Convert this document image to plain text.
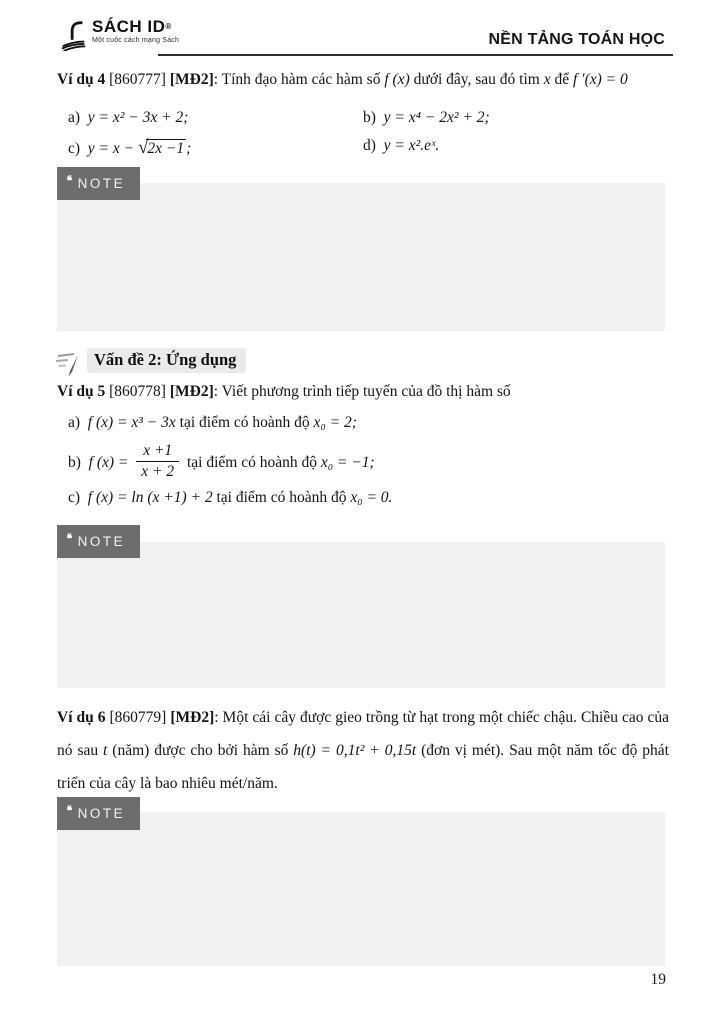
SÁCH ID®
Một cuộc cách mạng Sách	NỀN TẢNG TOÁN HỌC

Ví dụ 4 [860777] [MĐ2]: Tính đạo hàm các hàm số f (x) dưới đây, sau đó tìm x để f ′(x) = 0

a)  y = x² − 3x + 2;	b)  y = x⁴ − 2x² + 2;
c)  y = x − √2x −1 ;	d)  y = x².eˣ.
❛❛ NOTE
Vấn đề 2: Ứng dụng

Ví dụ 5 [860778] [MĐ2]: Viết phương trình tiếp tuyến của đồ thị hàm số

a) f (x) = x³ − 3x tại điểm có hoành độ x₀ = 2;
b) f $(x) = \frac{x +1}{x + 2}$ tại điểm có hoành độ x₀ = −1;
c) f (x) = ln (x +1) + 2 tại điểm có hoành độ x₀ = 0.
❛❛ NOTE

Ví dụ 6 [860779] [MĐ2]: Một cái cây được gieo trồng từ hạt trong một chiếc chậu. Chiều cao của nó sau t (năm) được cho bởi hàm số h(t) = 0,1t² + 0,15t (đơn vị mét). Sau một năm tốc độ phát triển của cây là bao nhiêu mét/năm.

❛❛ NOTE
19
